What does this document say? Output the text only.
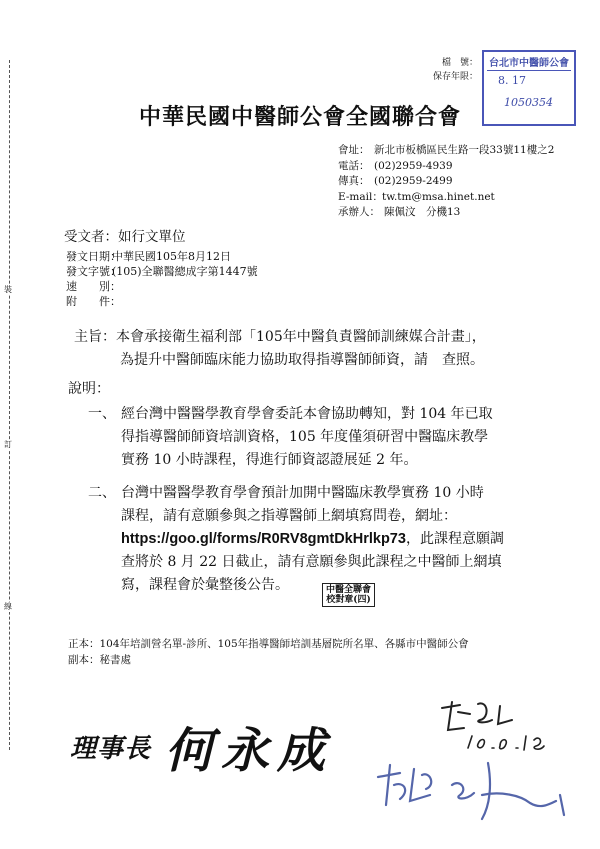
裝
訂
線
檔　號：
保存年限：
台北市中醫師公會
8. 17
1050354
中華民國中醫師公會全國聯合會
會址： 新北市板橋區民生路一段33號11樓之2
電話： (02)2959-4939
傳真： (02)2959-2499
E-mail：tw.tm@msa.hinet.net
承辦人： 陳佩汶　分機13
受文者：如行文單位
發文日期：中華民國105年8月12日
發文字號：(105)全聯醫總成字第1447號
速　　別：
附　　件：
主旨：本會承接衛生福利部「105年中醫負責醫師訓練媒合計畫」，
為提升中醫師臨床能力協助取得指導醫師師資，請　查照。
說明：
一、 經台灣中醫醫學教育學會委託本會協助轉知，對 104 年已取
得指導醫師師資培訓資格，105 年度僅須研習中醫臨床教學
實務 10 小時課程，得進行師資認證展延 2 年。
二、 台灣中醫醫學教育學會預計加開中醫臨床教學實務 10 小時
課程，請有意願參與之指導醫師上網填寫問卷，網址：
https://goo.gl/forms/R0RV8gmtDkHrlkp73，此課程意願調
查將於 8 月 22 日截止，請有意願參與此課程之中醫師上網填
寫，課程會於彙整後公告。	中醫全聯會
校對章(四)
正本：104年培訓營名單-診所、105年指導醫師培訓基層院所名單、各縣市中醫師公會
副本：秘書處
理事長 何永成
